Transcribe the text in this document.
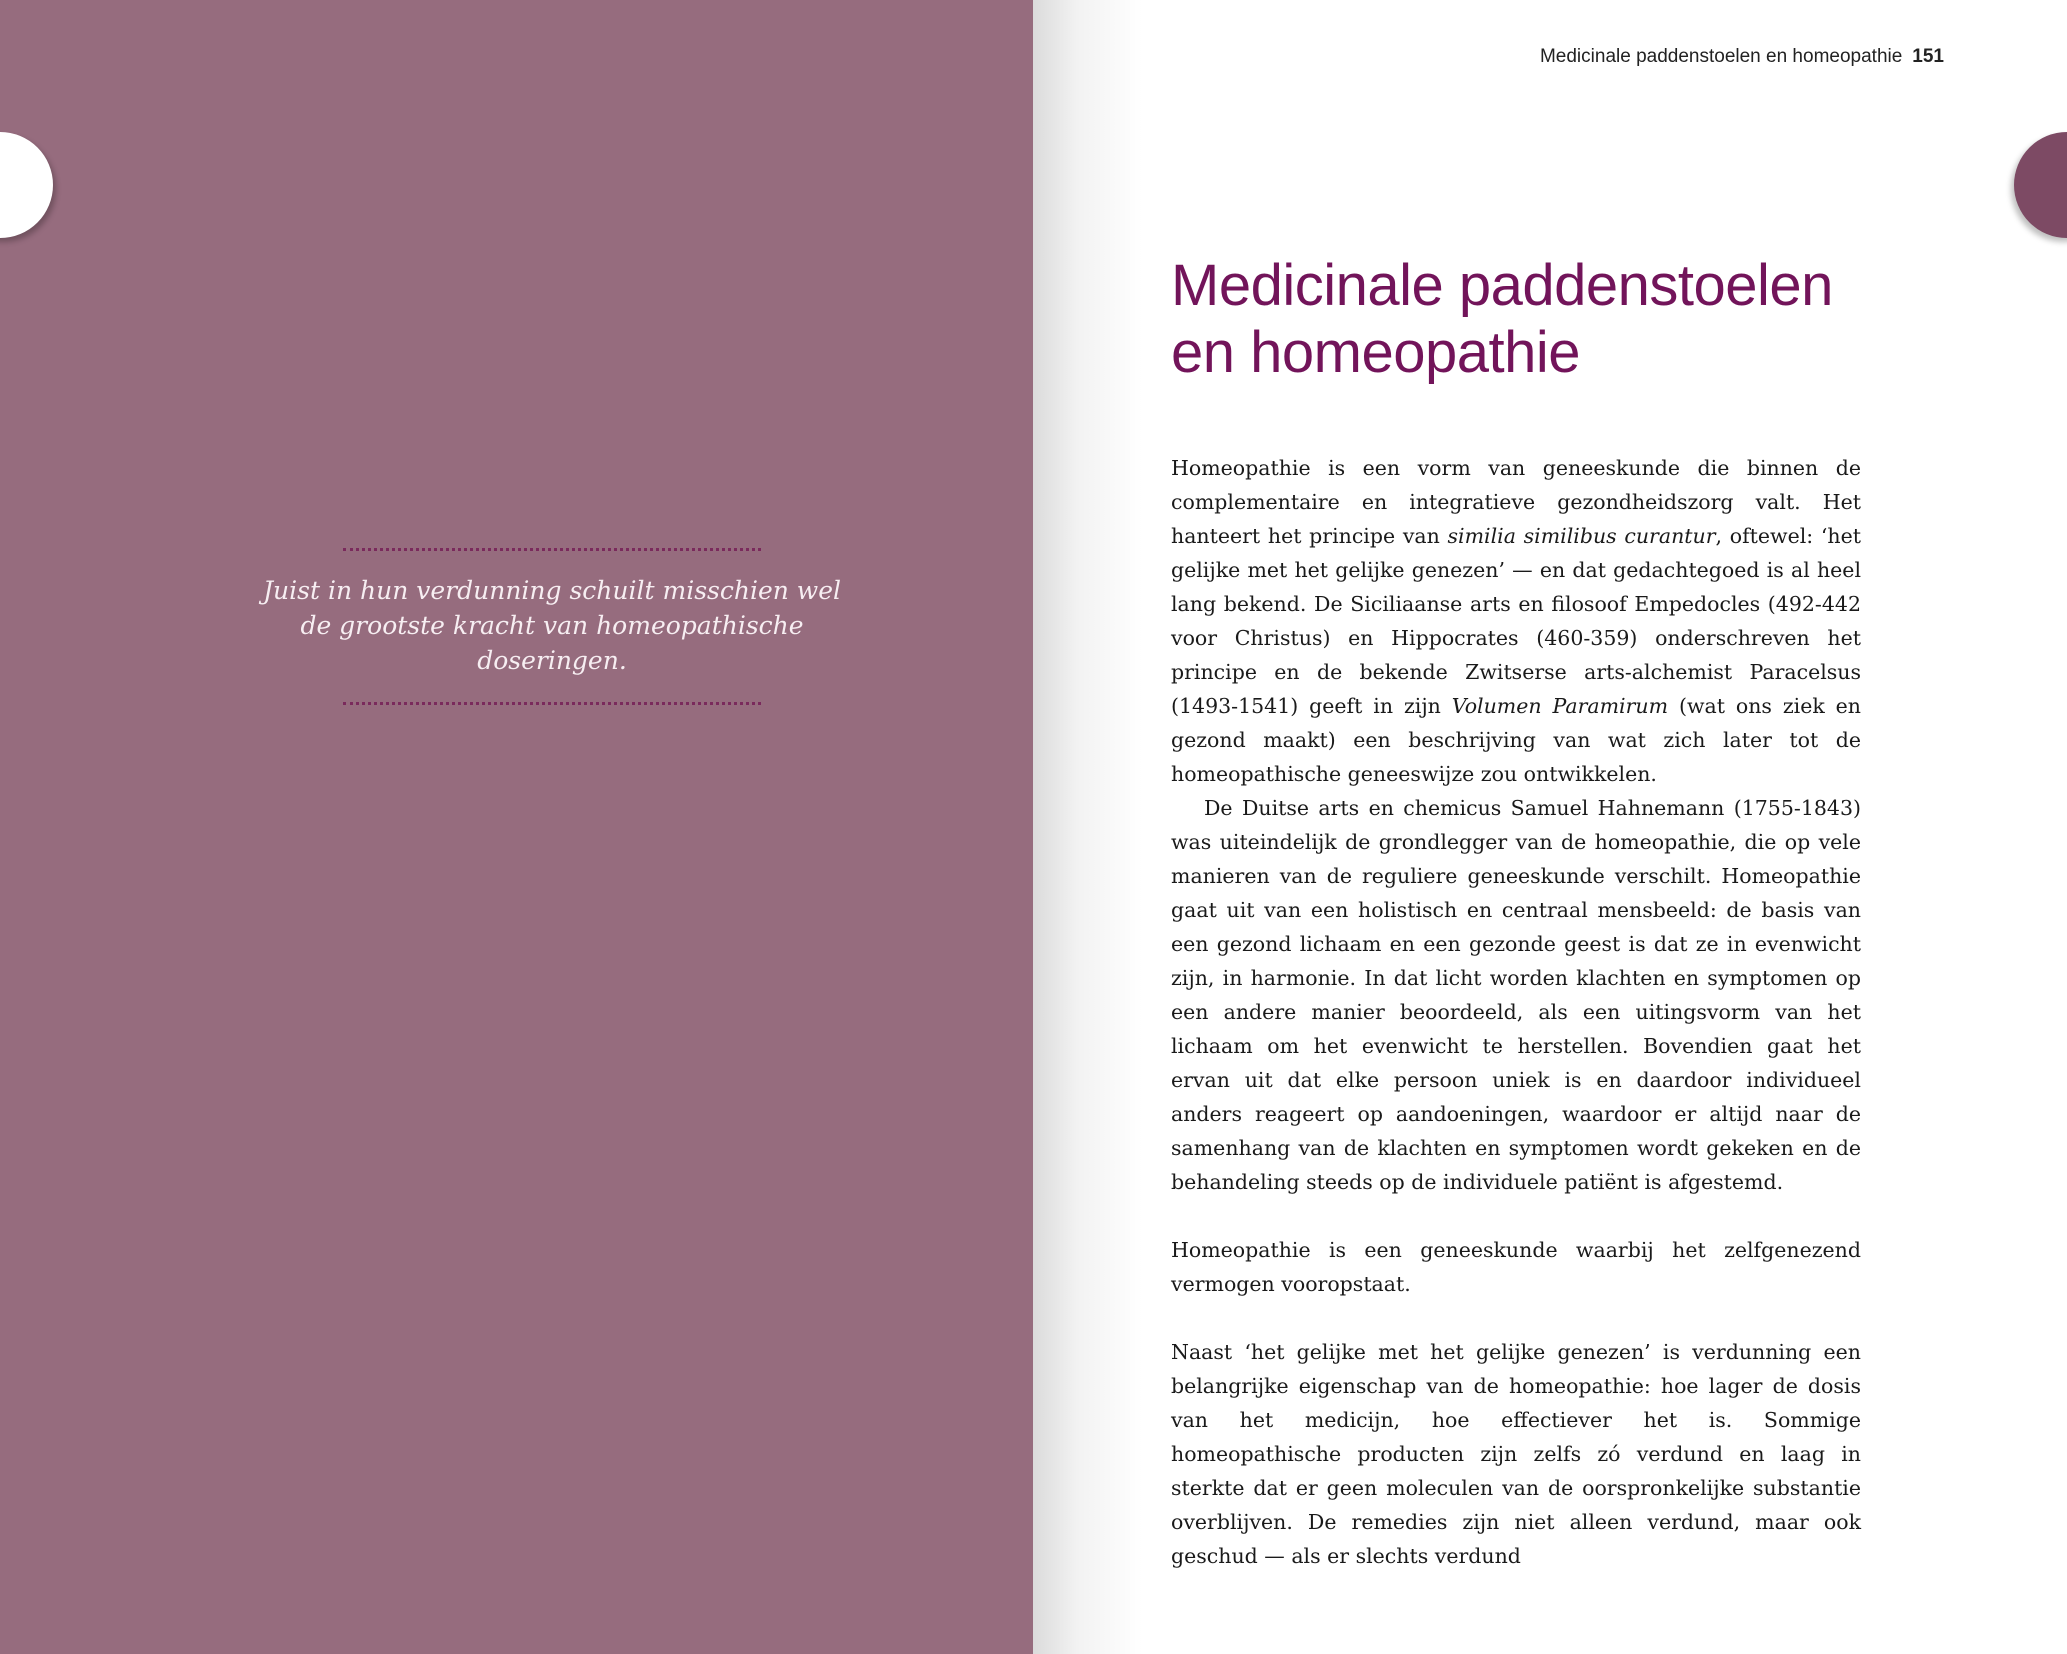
Juist in hun verdunning schuilt misschien wel
de grootste kracht van homeopathische doseringen.
Medicinale paddenstoelen en homeopathie 151
Medicinale paddenstoelen
en homeopathie

Homeopathie is een vorm van geneeskunde die binnen de complementaire en integratieve gezondheidszorg valt. Het hanteert het principe van similia similibus curantur, oftewel: ‘het gelijke met het gelijke genezen’ — en dat gedachtegoed is al heel lang bekend. De Siciliaanse arts en filosoof Empedocles (492-442 voor Christus) en Hippocrates (460-359) onderschreven het principe en de bekende Zwitserse arts-alchemist Paracelsus (1493-1541) geeft in zijn Volumen Paramirum (wat ons ziek en gezond maakt) een beschrijving van wat zich later tot de homeopathische geneeswijze zou ontwikkelen.

De Duitse arts en chemicus Samuel Hahnemann (1755-1843) was uiteindelijk de grondlegger van de homeopathie, die op vele manieren van de reguliere geneeskunde verschilt. Homeopathie gaat uit van een holistisch en centraal mensbeeld: de basis van een gezond lichaam en een gezonde geest is dat ze in evenwicht zijn, in harmonie. In dat licht worden klachten en symptomen op een andere manier beoordeeld, als een uitingsvorm van het lichaam om het evenwicht te herstellen. Bovendien gaat het ervan uit dat elke persoon uniek is en daardoor individueel anders reageert op aandoeningen, waardoor er altijd naar de samenhang van de klachten en symptomen wordt gekeken en de behandeling steeds op de individuele patiënt is afgestemd.

Homeopathie is een geneeskunde waarbij het zelfgenezend vermogen vooropstaat.

Naast ‘het gelijke met het gelijke genezen’ is verdunning een belangrijke eigenschap van de homeopathie: hoe lager de dosis van het medicijn, hoe effectiever het is. Sommige homeopathische producten zijn zelfs zó verdund en laag in sterkte dat er geen moleculen van de oorspronkelijke substantie overblijven. De remedies zijn niet alleen verdund, maar ook geschud — als er slechts verdund
